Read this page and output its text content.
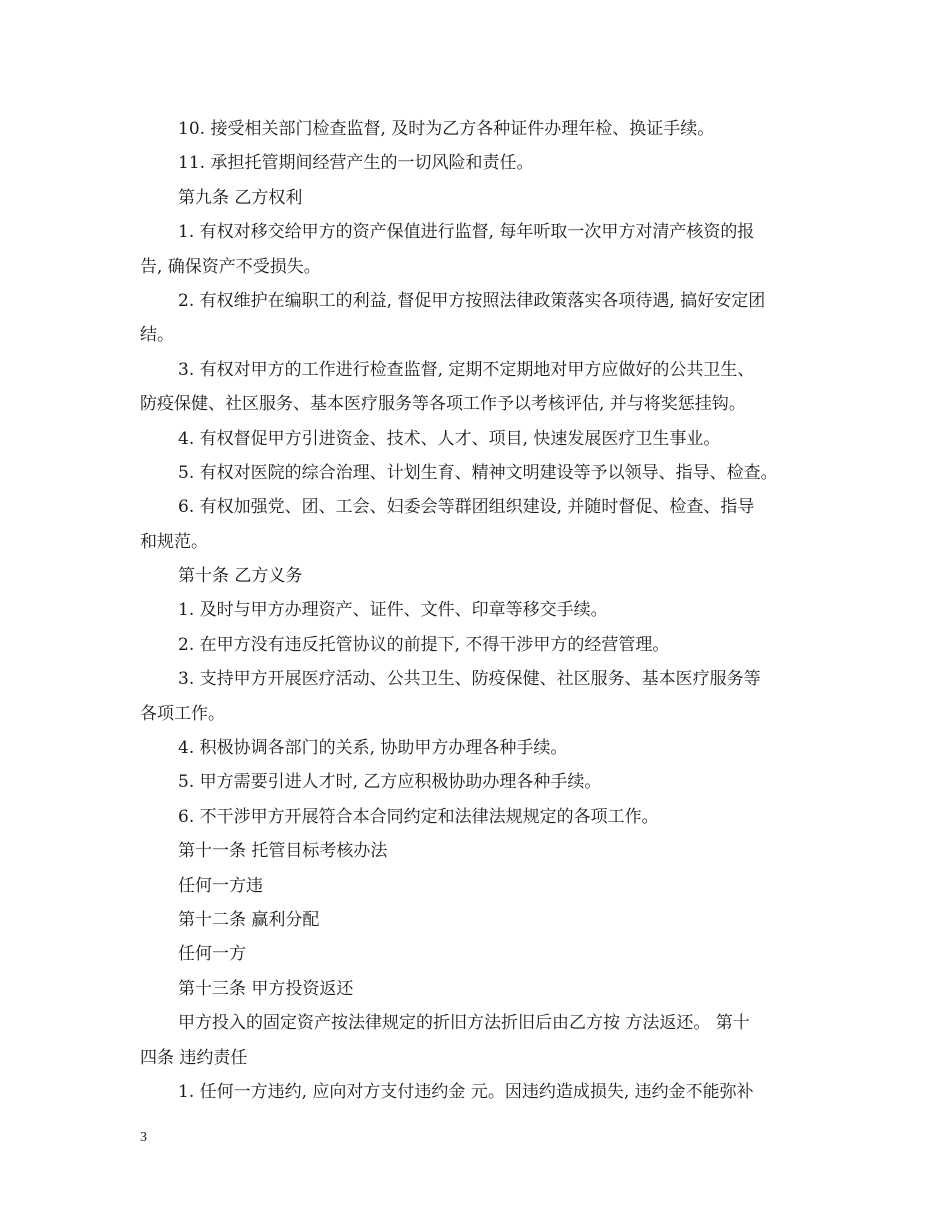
10. 接受相关部门检查监督, 及时为乙方各种证件办理年检、换证手续。
11. 承担托管期间经营产生的一切风险和责任。
第九条 乙方权利
1. 有权对移交给甲方的资产保值进行监督, 每年听取一次甲方对清产核资的报
告, 确保资产不受损失。
2. 有权维护在编职工的利益, 督促甲方按照法律政策落实各项待遇, 搞好安定团
结。
3. 有权对甲方的工作进行检查监督, 定期不定期地对甲方应做好的公共卫生、
防疫保健、社区服务、基本医疗服务等各项工作予以考核评估, 并与将奖惩挂钩。
4. 有权督促甲方引进资金、技术、人才、项目, 快速发展医疗卫生事业。
5. 有权对医院的综合治理、计划生育、精神文明建设等予以领导、指导、检查。
6. 有权加强党、团、工会、妇委会等群团组织建设, 并随时督促、检查、指导
和规范。
第十条 乙方义务
1. 及时与甲方办理资产、证件、文件、印章等移交手续。
2. 在甲方没有违反托管协议的前提下, 不得干涉甲方的经营管理。
3. 支持甲方开展医疗活动、公共卫生、防疫保健、社区服务、基本医疗服务等
各项工作。
4. 积极协调各部门的关系, 协助甲方办理各种手续。
5. 甲方需要引进人才时, 乙方应积极协助办理各种手续。
6. 不干涉甲方开展符合本合同约定和法律法规规定的各项工作。
第十一条 托管目标考核办法
任何一方违
第十二条 赢利分配
任何一方
第十三条 甲方投资返还
甲方投入的固定资产按法律规定的折旧方法折旧后由乙方按 方法返还。 第十
四条 违约责任
1. 任何一方违约, 应向对方支付违约金 元。因违约造成损失, 违约金不能弥补
3
